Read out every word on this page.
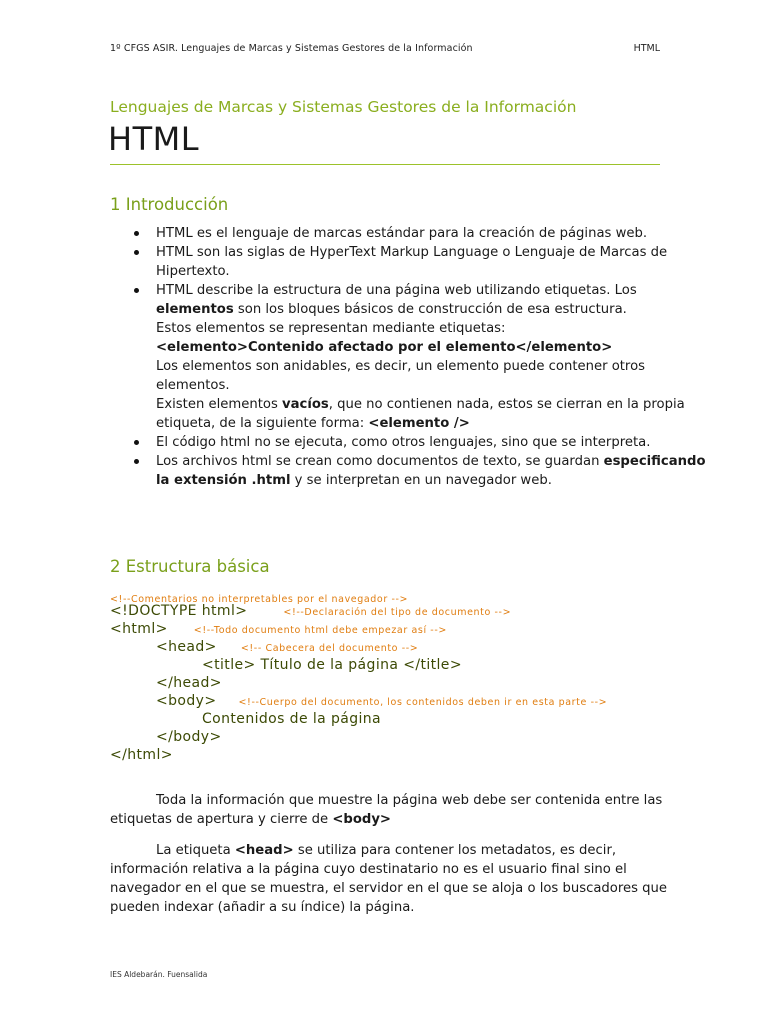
1º CFGS ASIR. Lenguajes de Marcas y Sistemas Gestores de la Información	HTML
Lenguajes de Marcas y Sistemas Gestores de la Información
HTML
1 Introducción
HTML es el lenguaje de marcas estándar para la creación de páginas web.
HTML son las siglas de HyperText Markup Language o Lenguaje de Marcas de Hipertexto.
HTML describe la estructura de una página web utilizando etiquetas. Los elementos son los bloques básicos de construcción de esa estructura.
Estos elementos se representan mediante etiquetas:
<elemento>Contenido afectado por el elemento</elemento>
Los elementos son anidables, es decir, un elemento puede contener otros elementos.
Existen elementos vacíos, que no contienen nada, estos se cierran en la propia etiqueta, de la siguiente forma: <elemento />
El código html no se ejecuta, como otros lenguajes, sino que se interpreta.
Los archivos html se crean como documentos de texto, se guardan especificando la extensión .html y se interpretan en un navegador web.
2 Estructura básica
<!--Comentarios no interpretables por el navegador -->
<!DOCTYPE html>	<!--Declaración del tipo de documento -->
<html>	<!--Todo documento html debe empezar así -->
<head>	<!-- Cabecera del documento -->
<title> Título de la página </title>
</head>
<body> <!--Cuerpo del documento, los contenidos deben ir en esta parte -->
Contenidos de la página
</body>
</html>

Toda la información que muestre la página web debe ser contenida entre las etiquetas de apertura y cierre de <body>

La etiqueta <head> se utiliza para contener los metadatos, es decir, información relativa a la página cuyo destinatario no es el usuario final sino el navegador en el que se muestra, el servidor en el que se aloja o los buscadores que pueden indexar (añadir a su índice) la página.

IES Aldebarán. Fuensalida
